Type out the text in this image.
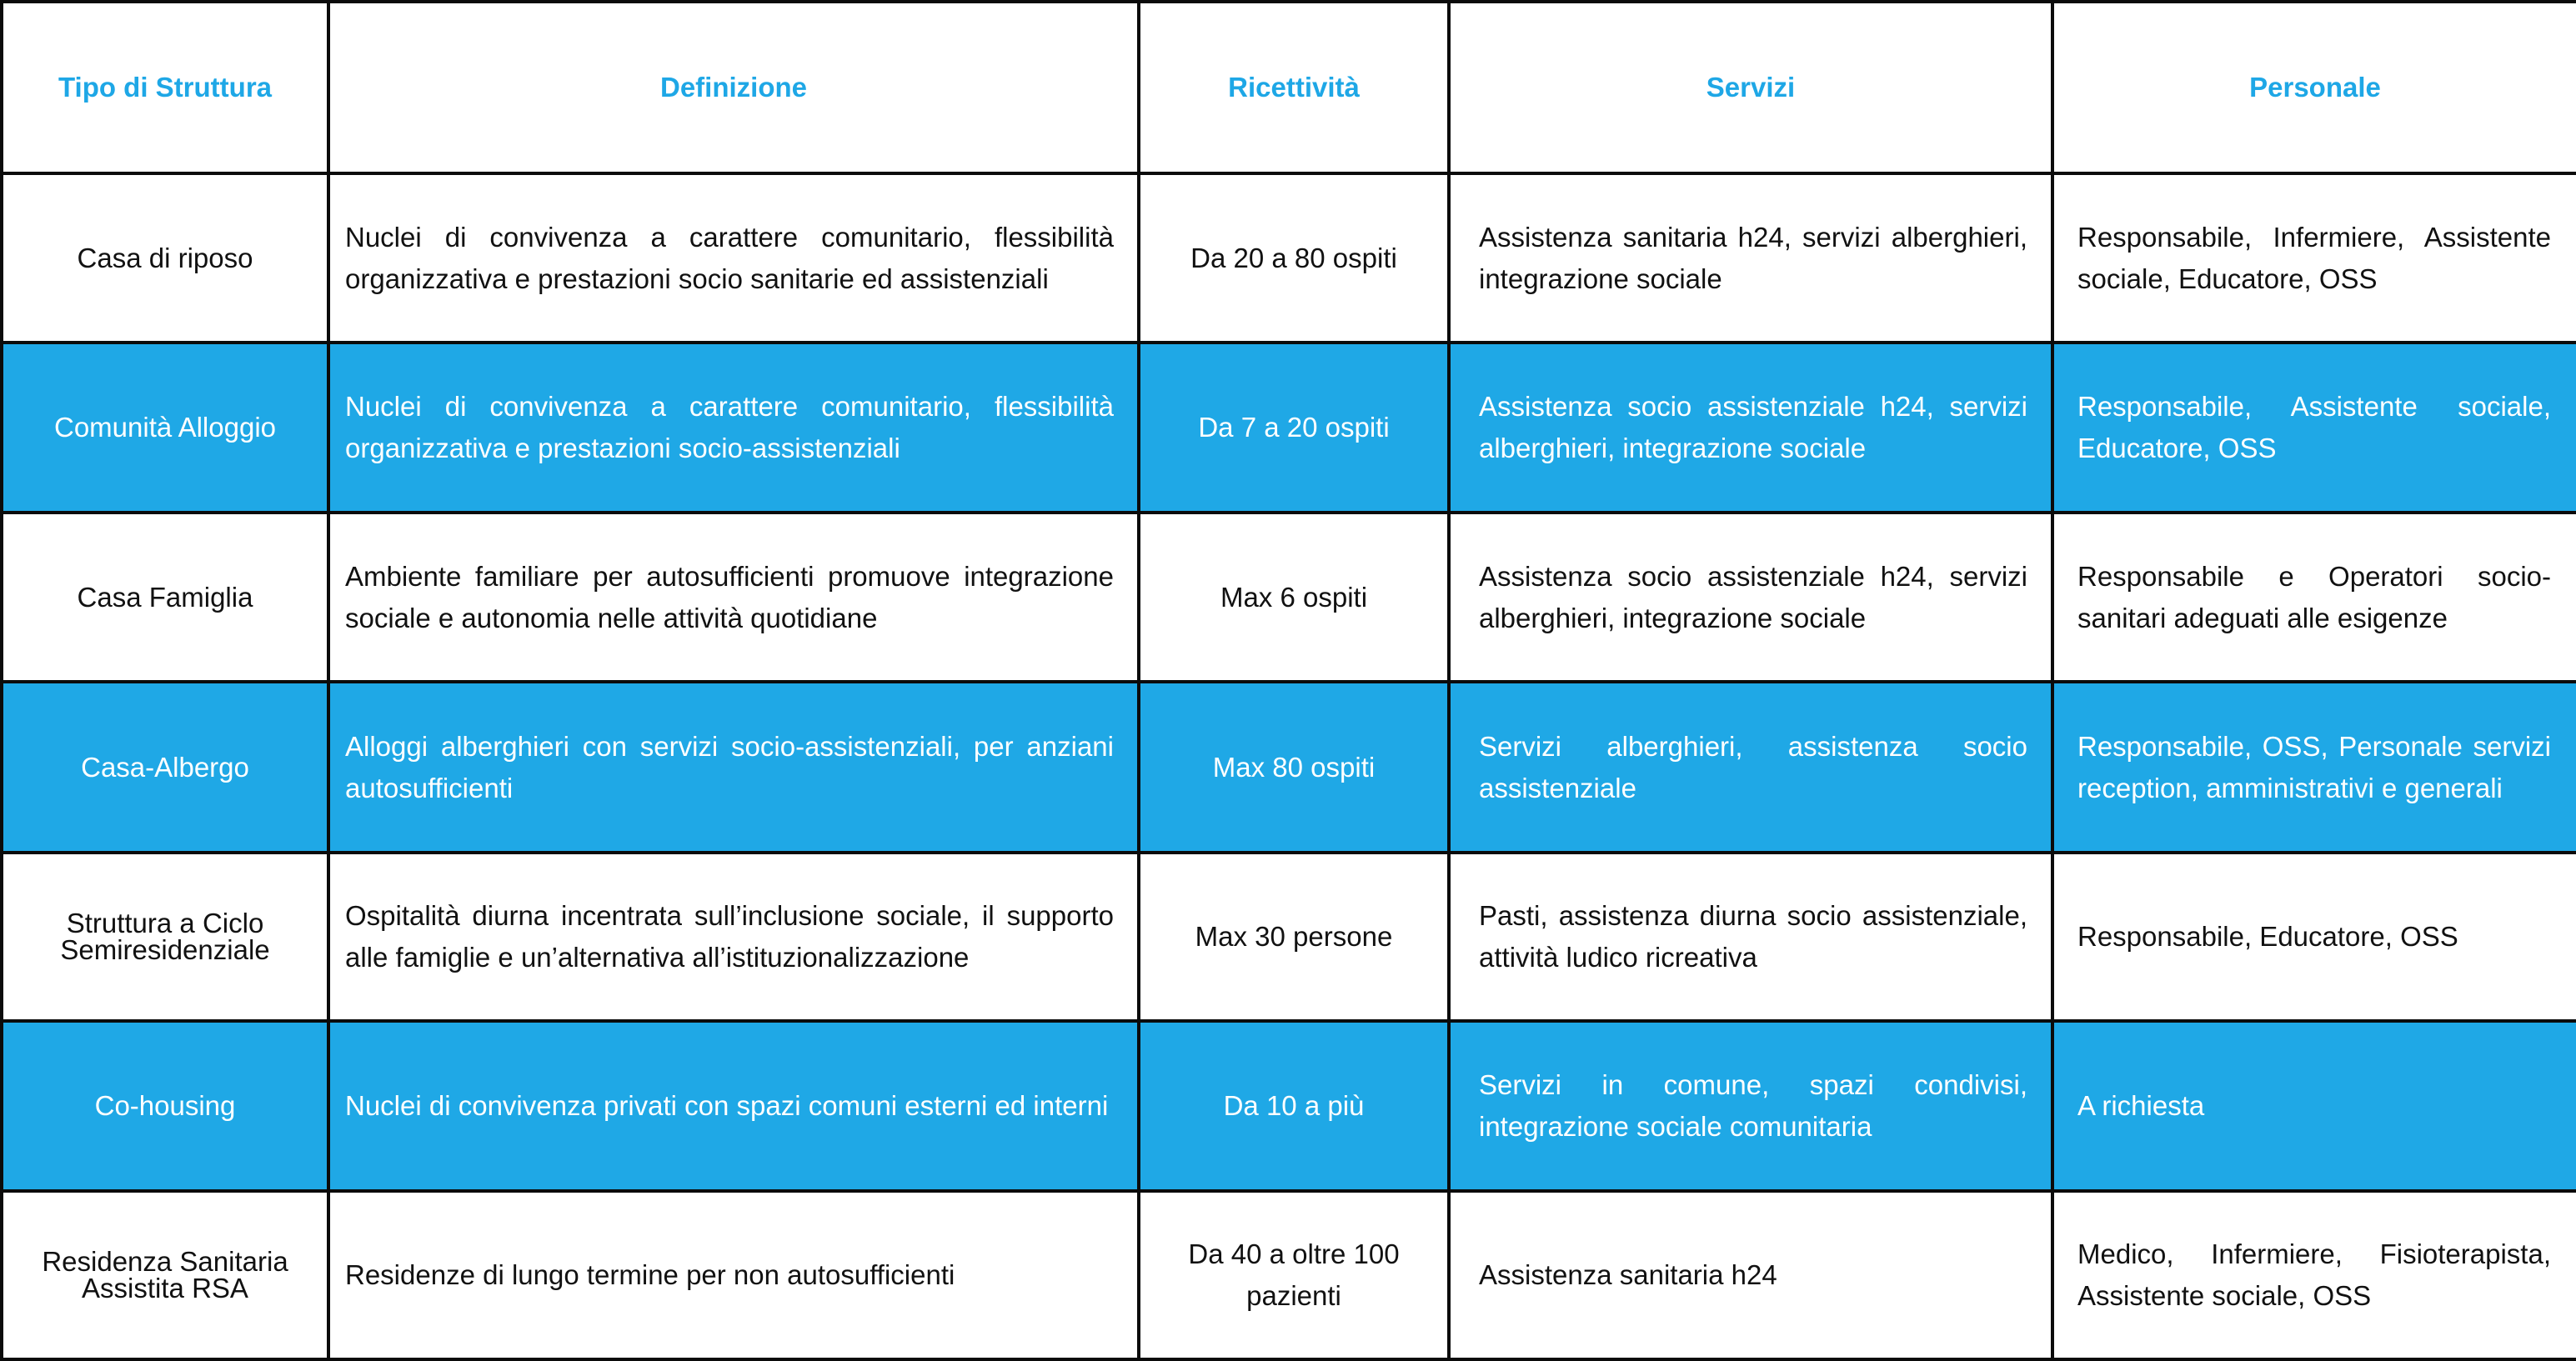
Tipo di Struttura	Definizione	Ricettività	Servizi	Personale
Casa di riposo	Nuclei di convivenza a carattere comunitario, flessibilità organizzativa e prestazioni socio sanitarie ed assistenziali	Da 20 a 80 ospiti	Assistenza sanitaria h24, servizi alberghieri, integrazione sociale	Responsabile, Infermiere, Assistente sociale, Educatore, OSS
Comunità Alloggio	Nuclei di convivenza a carattere comunitario, flessibilità organizzativa e prestazioni socio-assistenziali	Da 7 a 20 ospiti	Assistenza socio assistenziale h24, servizi alberghieri, integrazione sociale	Responsabile, Assistente sociale, Educatore, OSS
Casa Famiglia	Ambiente familiare per autosufficienti promuove integrazione sociale e autonomia nelle attività quotidiane	Max 6 ospiti	Assistenza socio assistenziale h24, servizi alberghieri, integrazione sociale	Responsabile e Operatori socio-sanitari adeguati alle esigenze
Casa-Albergo	Alloggi alberghieri con servizi socio-assistenziali, per anziani autosufficienti	Max 80 ospiti	Servizi alberghieri, assistenza socio assistenziale	Responsabile, OSS, Personale servizi reception, amministrativi e generali
Struttura a Ciclo Semiresidenziale	Ospitalità diurna incentrata sull’inclusione sociale, il supporto alle famiglie e un’alternativa all’istituzionalizzazione	Max 30 persone	Pasti, assistenza diurna socio assistenziale, attività ludico ricreativa	Responsabile, Educatore, OSS
Co-housing	Nuclei di convivenza privati con spazi comuni esterni ed interni	Da 10 a più	Servizi in comune, spazi condivisi, integrazione sociale comunitaria	A richiesta
Residenza Sanitaria Assistita RSA	Residenze di lungo termine per non autosufficienti	Da 40 a oltre 100 pazienti	Assistenza sanitaria h24	Medico, Infermiere, Fisioterapista, Assistente sociale, OSS
